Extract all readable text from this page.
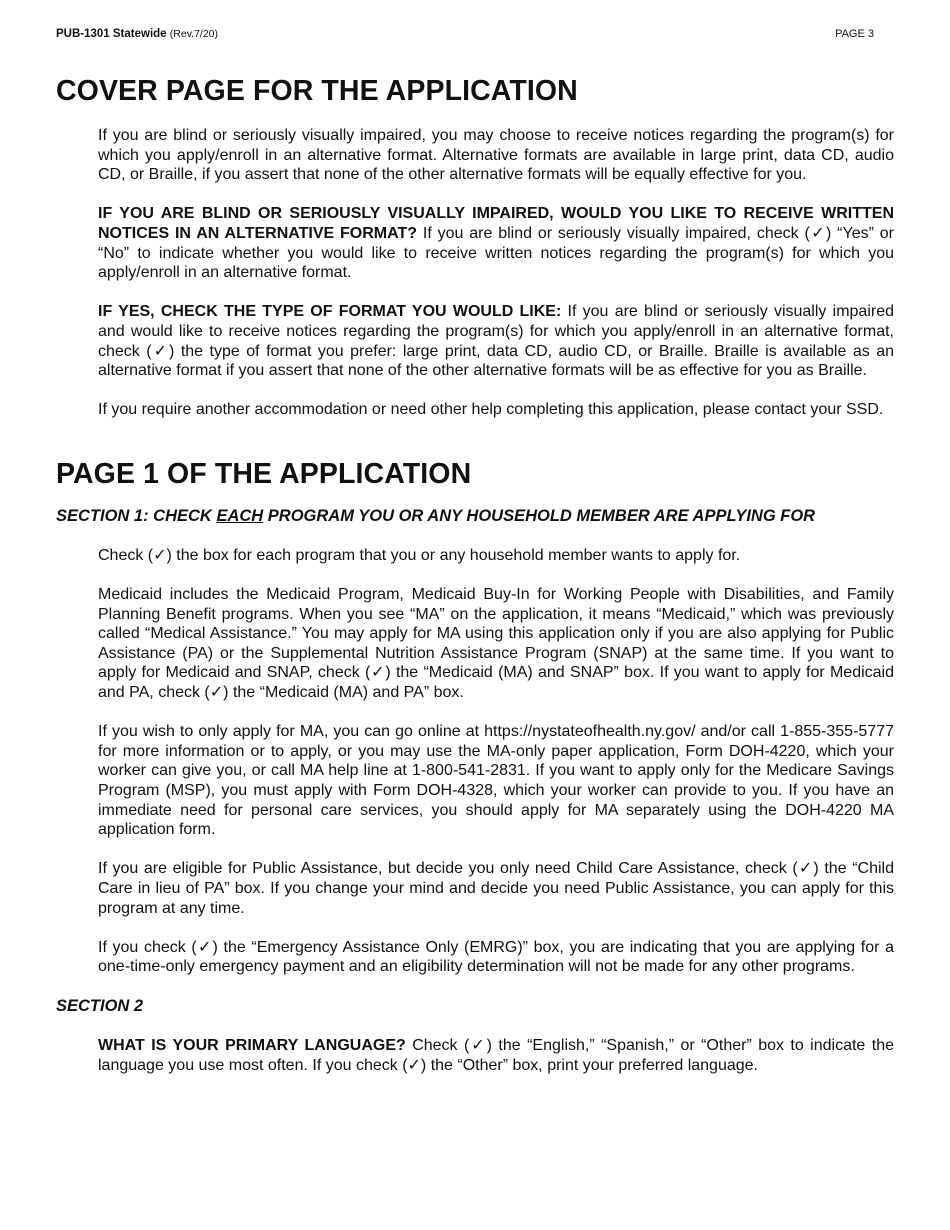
PUB-1301 Statewide (Rev.7/20)	PAGE 3
COVER PAGE FOR THE APPLICATION

If you are blind or seriously visually impaired, you may choose to receive notices regarding the program(s) for which you apply/enroll in an alternative format. Alternative formats are available in large print, data CD, audio CD, or Braille, if you assert that none of the other alternative formats will be equally effective for you.

IF YOU ARE BLIND OR SERIOUSLY VISUALLY IMPAIRED, WOULD YOU LIKE TO RECEIVE WRITTEN NOTICES IN AN ALTERNATIVE FORMAT? If you are blind or seriously visually impaired, check (✓) “Yes” or “No” to indicate whether you would like to receive written notices regarding the program(s) for which you apply/enroll in an alternative format.

IF YES, CHECK THE TYPE OF FORMAT YOU WOULD LIKE: If you are blind or seriously visually impaired and would like to receive notices regarding the program(s) for which you apply/enroll in an alternative format, check (✓) the type of format you prefer: large print, data CD, audio CD, or Braille. Braille is available as an alternative format if you assert that none of the other alternative formats will be as effective for you as Braille.

If you require another accommodation or need other help completing this application, please contact your SSD.

PAGE 1 OF THE APPLICATION
SECTION 1: CHECK EACH PROGRAM YOU OR ANY HOUSEHOLD MEMBER ARE APPLYING FOR

Check (✓) the box for each program that you or any household member wants to apply for.

Medicaid includes the Medicaid Program, Medicaid Buy-In for Working People with Disabilities, and Family Planning Benefit programs. When you see “MA” on the application, it means “Medicaid,” which was previously called “Medical Assistance.” You may apply for MA using this application only if you are also applying for Public Assistance (PA) or the Supplemental Nutrition Assistance Program (SNAP) at the same time. If you want to apply for Medicaid and SNAP, check (✓) the “Medicaid (MA) and SNAP” box. If you want to apply for Medicaid and PA, check (✓) the “Medicaid (MA) and PA” box.

If you wish to only apply for MA, you can go online at https://nystateofhealth.ny.gov/ and/or call 1-855-355-5777 for more information or to apply, or you may use the MA-only paper application, Form DOH-4220, which your worker can give you, or call MA help line at 1-800-541-2831. If you want to apply only for the Medicare Savings Program (MSP), you must apply with Form DOH-4328, which your worker can provide to you. If you have an immediate need for personal care services, you should apply for MA separately using the DOH-4220 MA application form.

If you are eligible for Public Assistance, but decide you only need Child Care Assistance, check (✓) the “Child Care in lieu of PA” box. If you change your mind and decide you need Public Assistance, you can apply for this program at any time.

If you check (✓) the “Emergency Assistance Only (EMRG)” box, you are indicating that you are applying for a one-time-only emergency payment and an eligibility determination will not be made for any other programs.

SECTION 2

WHAT IS YOUR PRIMARY LANGUAGE? Check (✓) the “English,” “Spanish,” or “Other” box to indicate the language you use most often. If you check (✓) the “Other” box, print your preferred language.
